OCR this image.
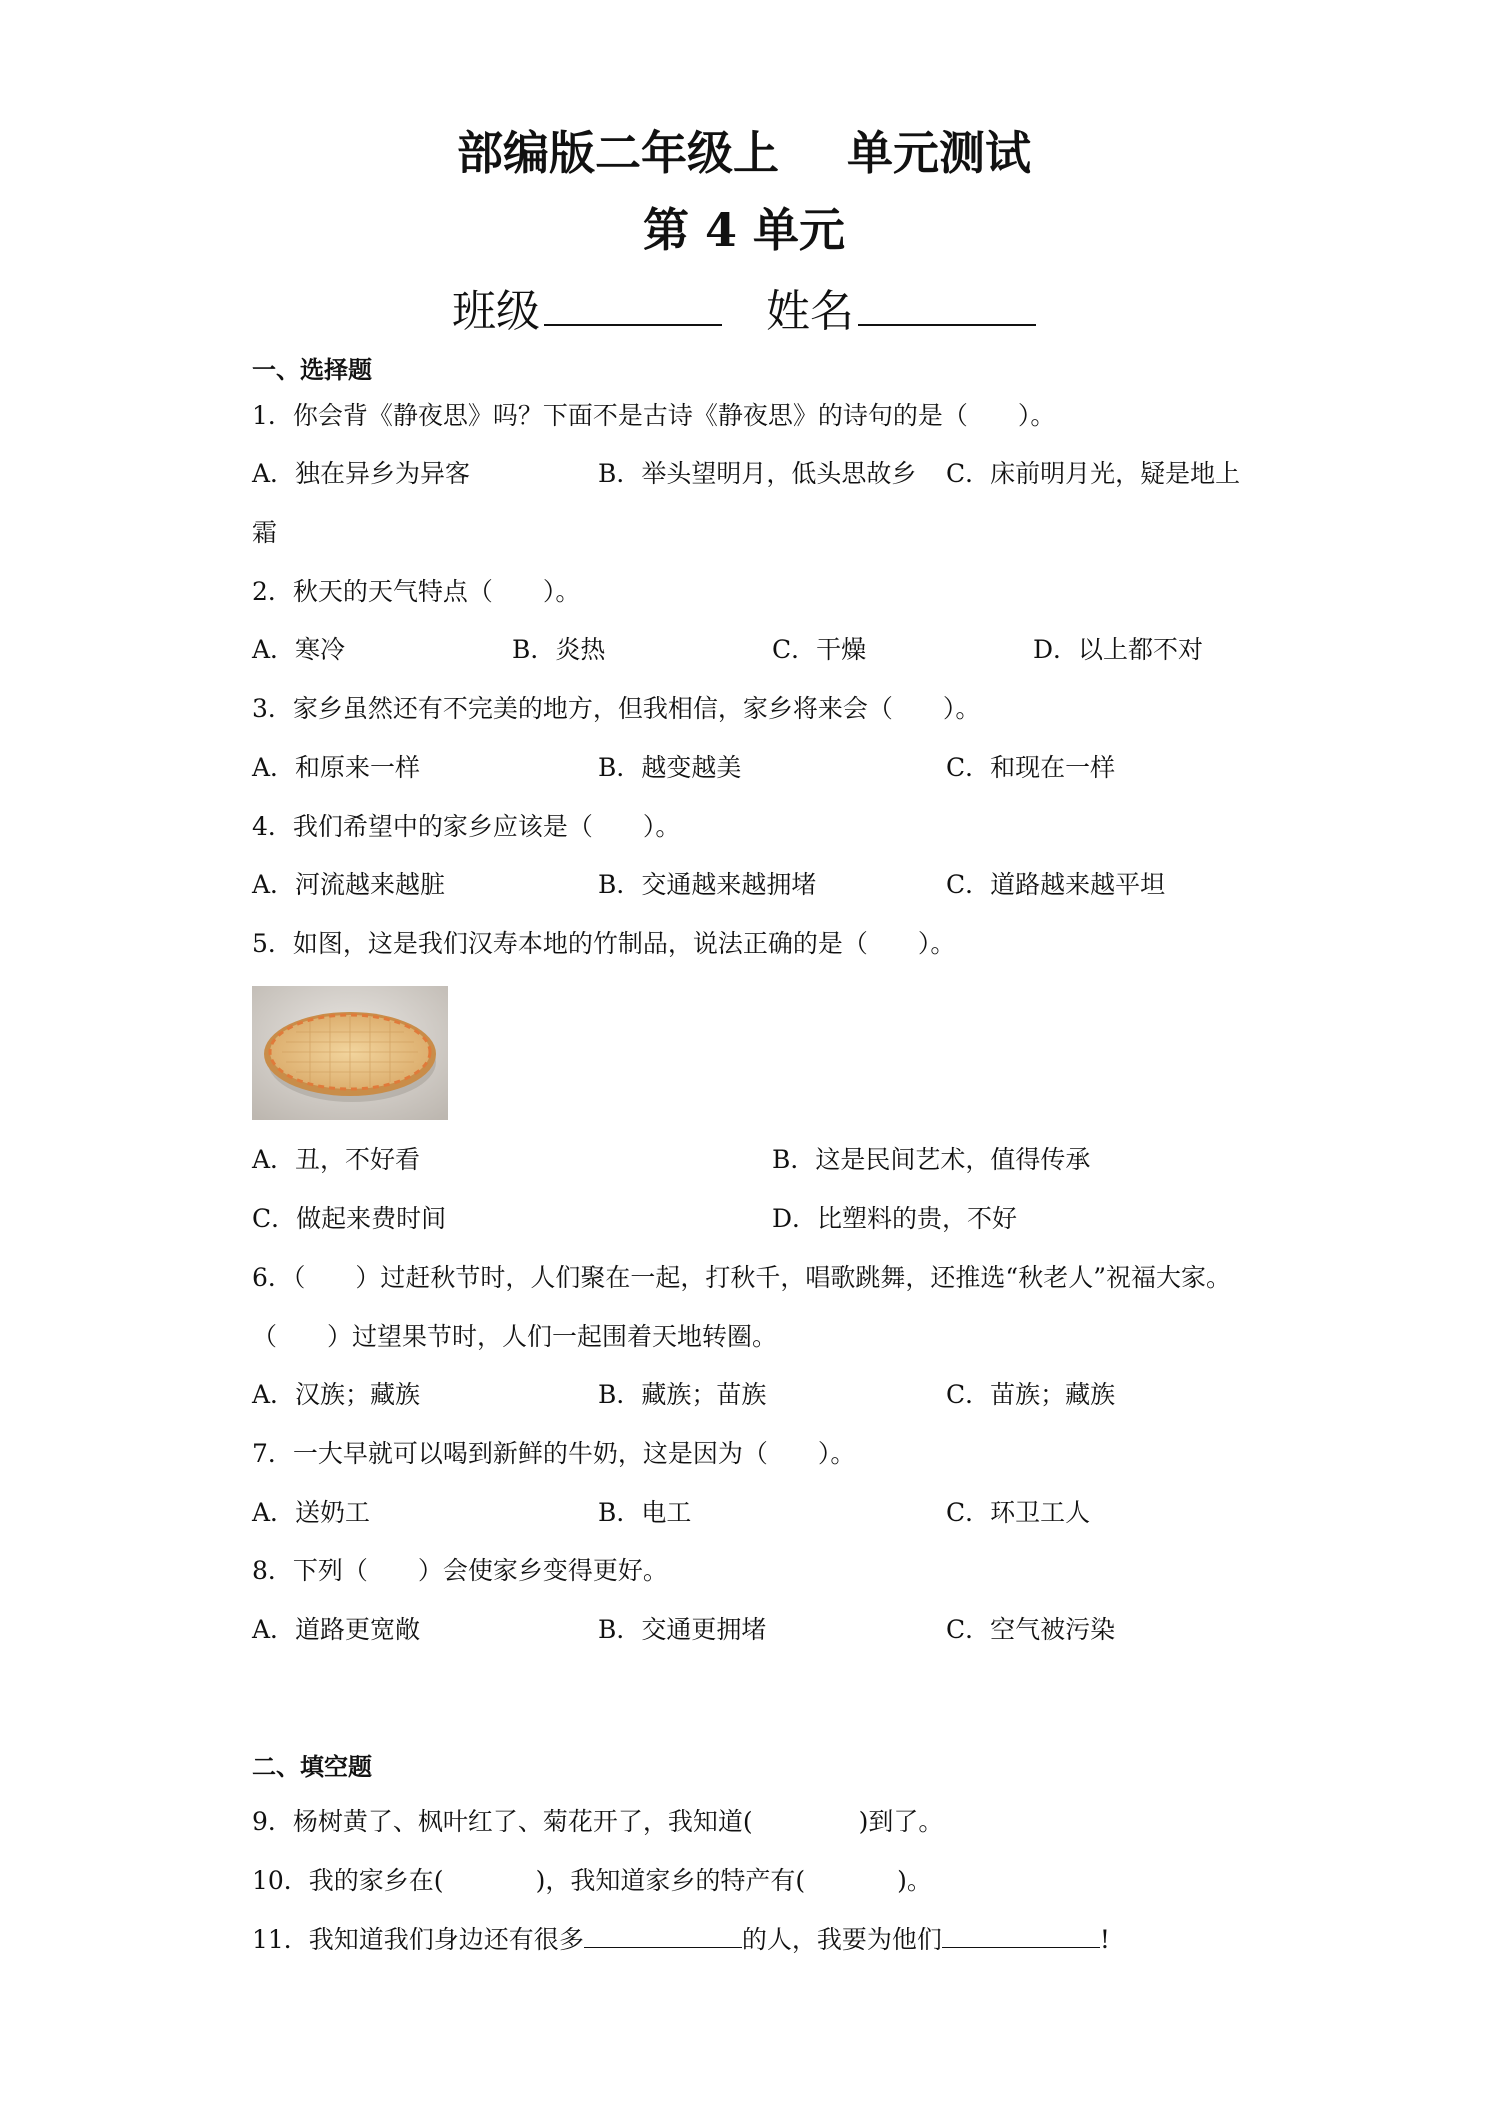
部编版二年级上 单元测试
第 4 单元
班级	姓名
一、选择题
1．你会背《静夜思》吗？下面不是古诗《静夜思》的诗句的是（　　）。
A．独在异乡为异客	B．举头望明月，低头思故乡 C．床前明月光，疑是地上
霜
2．秋天的天气特点（　　）。
A．寒冷	B．炎热	C．干燥	D．以上都不对
3．家乡虽然还有不完美的地方，但我相信，家乡将来会（　　）。
A．和原来一样	B．越变越美	C．和现在一样
4．我们希望中的家乡应该是（　　）。
A．河流越来越脏	B．交通越来越拥堵	C．道路越来越平坦
5．如图，这是我们汉寿本地的竹制品，说法正确的是（　　）。
A．丑，不好看	B．这是民间艺术，值得传承
C．做起来费时间	D．比塑料的贵，不好
6．（　　）过赶秋节时，人们聚在一起，打秋千，唱歌跳舞，还推选“秋老人”祝福大家。
（　　）过望果节时，人们一起围着天地转圈。
A．汉族；藏族	B．藏族；苗族	C．苗族；藏族
7．一大早就可以喝到新鲜的牛奶，这是因为（　　）。
A．送奶工	B．电工	C．环卫工人
8．下列（　　）会使家乡变得更好。
A．道路更宽敞	B．交通更拥堵	C．空气被污染
二、填空题
9．杨树黄了、枫叶红了、菊花开了，我知道(	)到了。
10．我的家乡在(	)，我知道家乡的特产有(	)。
11．我知道我们身边还有很多	的人，我要为他们	!
